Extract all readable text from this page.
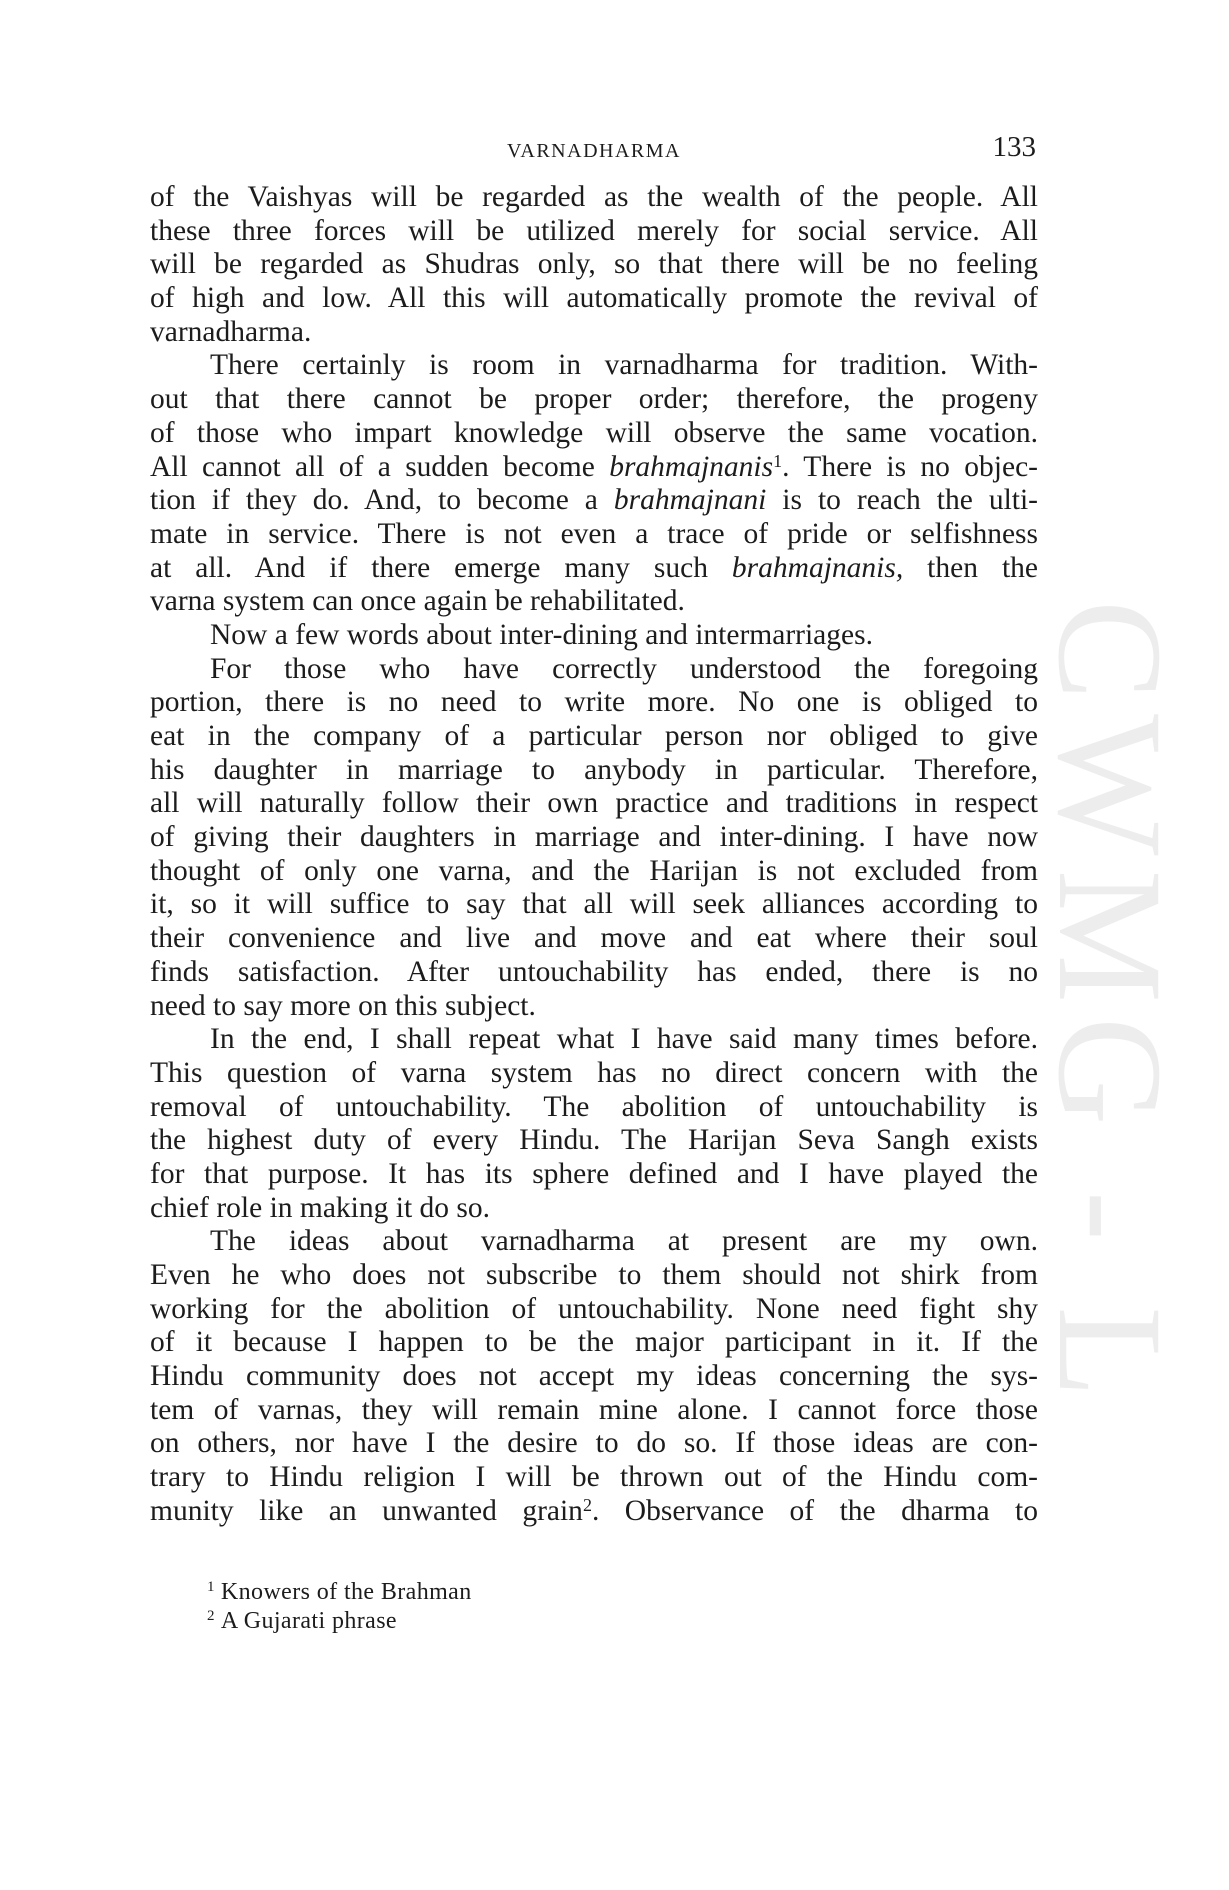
VARNADHARMA	133
CWMG - LIV
of the Vaishyas will be regarded as the wealth of the people. All
these three forces will be utilized merely for social service. All
will be regarded as Shudras only, so that there will be no feeling
of high and low. All this will automatically promote the revival of
varnadharma.
There certainly is room in varnadharma for tradition. With-
out that there cannot be proper order; therefore, the progeny
of those who impart knowledge will observe the same vocation.
All cannot all of a sudden become brahmajnanis$^1$. There is no objec-
tion if they do. And, to become a brahmajnani is to reach the ulti-
mate in service. There is not even a trace of pride or selfishness
at all. And if there emerge many such brahmajnanis, then the
varna system can once again be rehabilitated.
Now a few words about inter-dining and intermarriages.
For those who have correctly understood the foregoing
portion, there is no need to write more. No one is obliged to
eat in the company of a particular person nor obliged to give
his daughter in marriage to anybody in particular. Therefore,
all will naturally follow their own practice and traditions in respect
of giving their daughters in marriage and inter-dining. I have now
thought of only one varna, and the Harijan is not excluded from
it, so it will suffice to say that all will seek alliances according to
their convenience and live and move and eat where their soul
finds satisfaction. After untouchability has ended, there is no
need to say more on this subject.
In the end, I shall repeat what I have said many times before.
This question of varna system has no direct concern with the
removal of untouchability. The abolition of untouchability is
the highest duty of every Hindu. The Harijan Seva Sangh exists
for that purpose. It has its sphere defined and I have played the
chief role in making it do so.
The ideas about varnadharma at present are my own.
Even he who does not subscribe to them should not shirk from
working for the abolition of untouchability. None need fight shy
of it because I happen to be the major participant in it. If the
Hindu community does not accept my ideas concerning the sys-
tem of varnas, they will remain mine alone. I cannot force those
on others, nor have I the desire to do so. If those ideas are con-
trary to Hindu religion I will be thrown out of the Hindu com-
munity like an unwanted grain$^2$. Observance of the dharma to
$^1$ Knowers of the Brahman
$^2$ A Gujarati phrase
